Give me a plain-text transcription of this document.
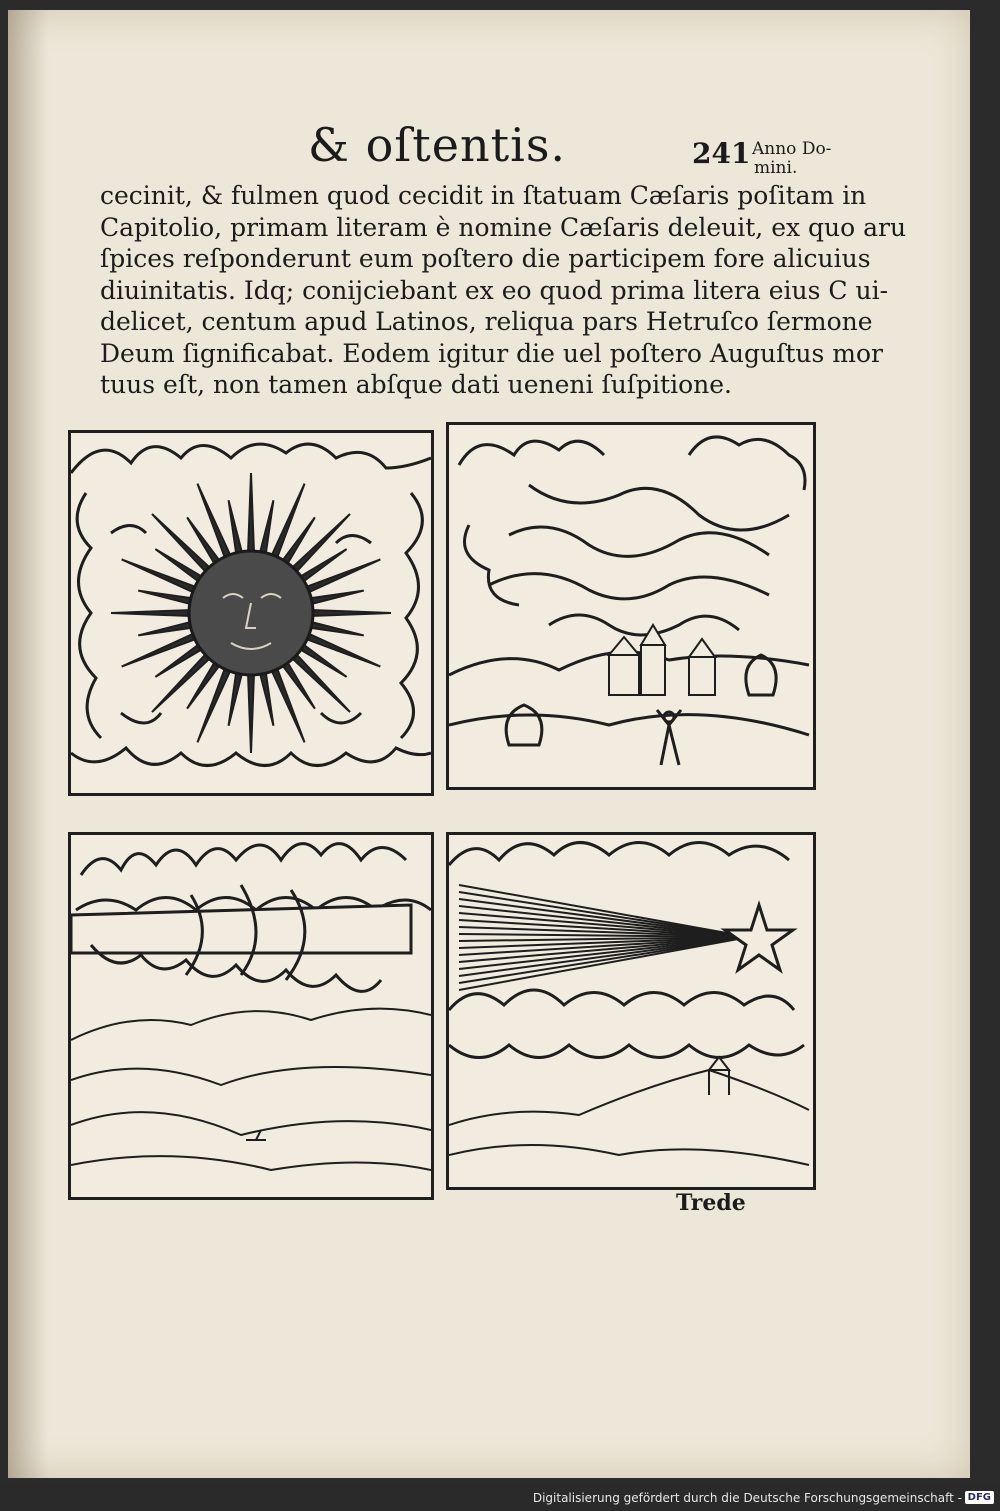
& oſtentis.	241 Anno Do-
mini.
cecinit, & fulmen quod cecidit in ſtatuam Cæſaris poſitam in
Capitolio, primam literam è nomine Cæſaris deleuit, ex quo aru
ſpices reſponderunt eum poſtero die participem fore alicuius
diuinitatis. Idq; conijciebant ex eo quod prima litera eius C ui-
delicet, centum apud Latinos, reliqua pars Hetruſco ſermone
Deum ſignificabat. Eodem igitur die uel poſtero Auguſtus mor
tuus eſt, non tamen abſque dati ueneni ſuſpitione.
Trede
Digitalisierung gefördert durch die Deutsche Forschungsgemeinschaft - DFG
